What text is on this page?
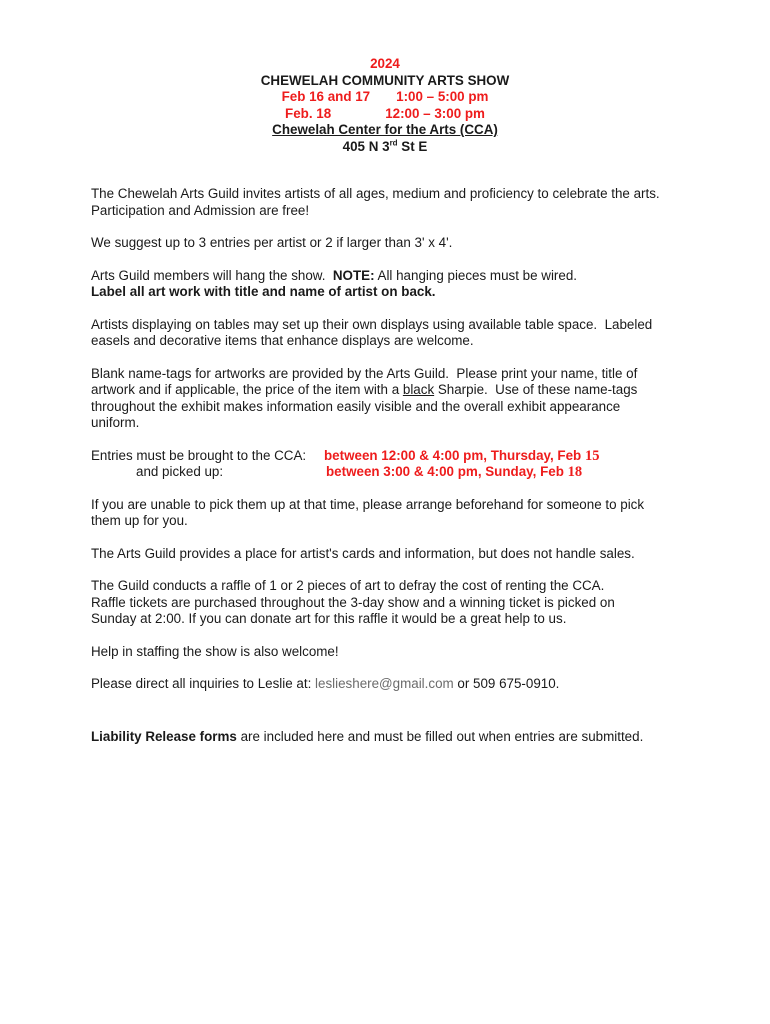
2024
CHEWELAH COMMUNITY ARTS SHOW
Feb 16 and 17 1:00 – 5:00 pm
Feb. 18	12:00 – 3:00 pm
Chewelah Center for the Arts (CCA)
405 N 3rd St E

The Chewelah Arts Guild invites artists of all ages, medium and proficiency to celebrate the arts.
Participation and Admission are free!

We suggest up to 3 entries per artist or 2 if larger than 3' x 4'.

Arts Guild members will hang the show.  NOTE: All hanging pieces must be wired.
Label all art work with title and name of artist on back.

Artists displaying on tables may set up their own displays using available table space.  Labeled
easels and decorative items that enhance displays are welcome.

Blank name-tags for artworks are provided by the Arts Guild.  Please print your name, title of
artwork and if applicable, the price of the item with a black Sharpie.  Use of these name-tags
throughout the exhibit makes information easily visible and the overall exhibit appearance
uniform.

Entries must be brought to the CCA:	between 12:00 & 4:00 pm, Thursday, Feb 15
and picked up:	between 3:00 & 4:00 pm, Sunday, Feb 18

If you are unable to pick them up at that time, please arrange beforehand for someone to pick
them up for you.

The Arts Guild provides a place for artist's cards and information, but does not handle sales.

The Guild conducts a raffle of 1 or 2 pieces of art to defray the cost of renting the CCA.
Raffle tickets are purchased throughout the 3-day show and a winning ticket is picked on
Sunday at 2:00. If you can donate art for this raffle it would be a great help to us.

Help in staffing the show is also welcome!

Please direct all inquiries to Leslie at: leslieshere@gmail.com or 509 675-0910.

Liability Release forms are included here and must be filled out when entries are submitted.
